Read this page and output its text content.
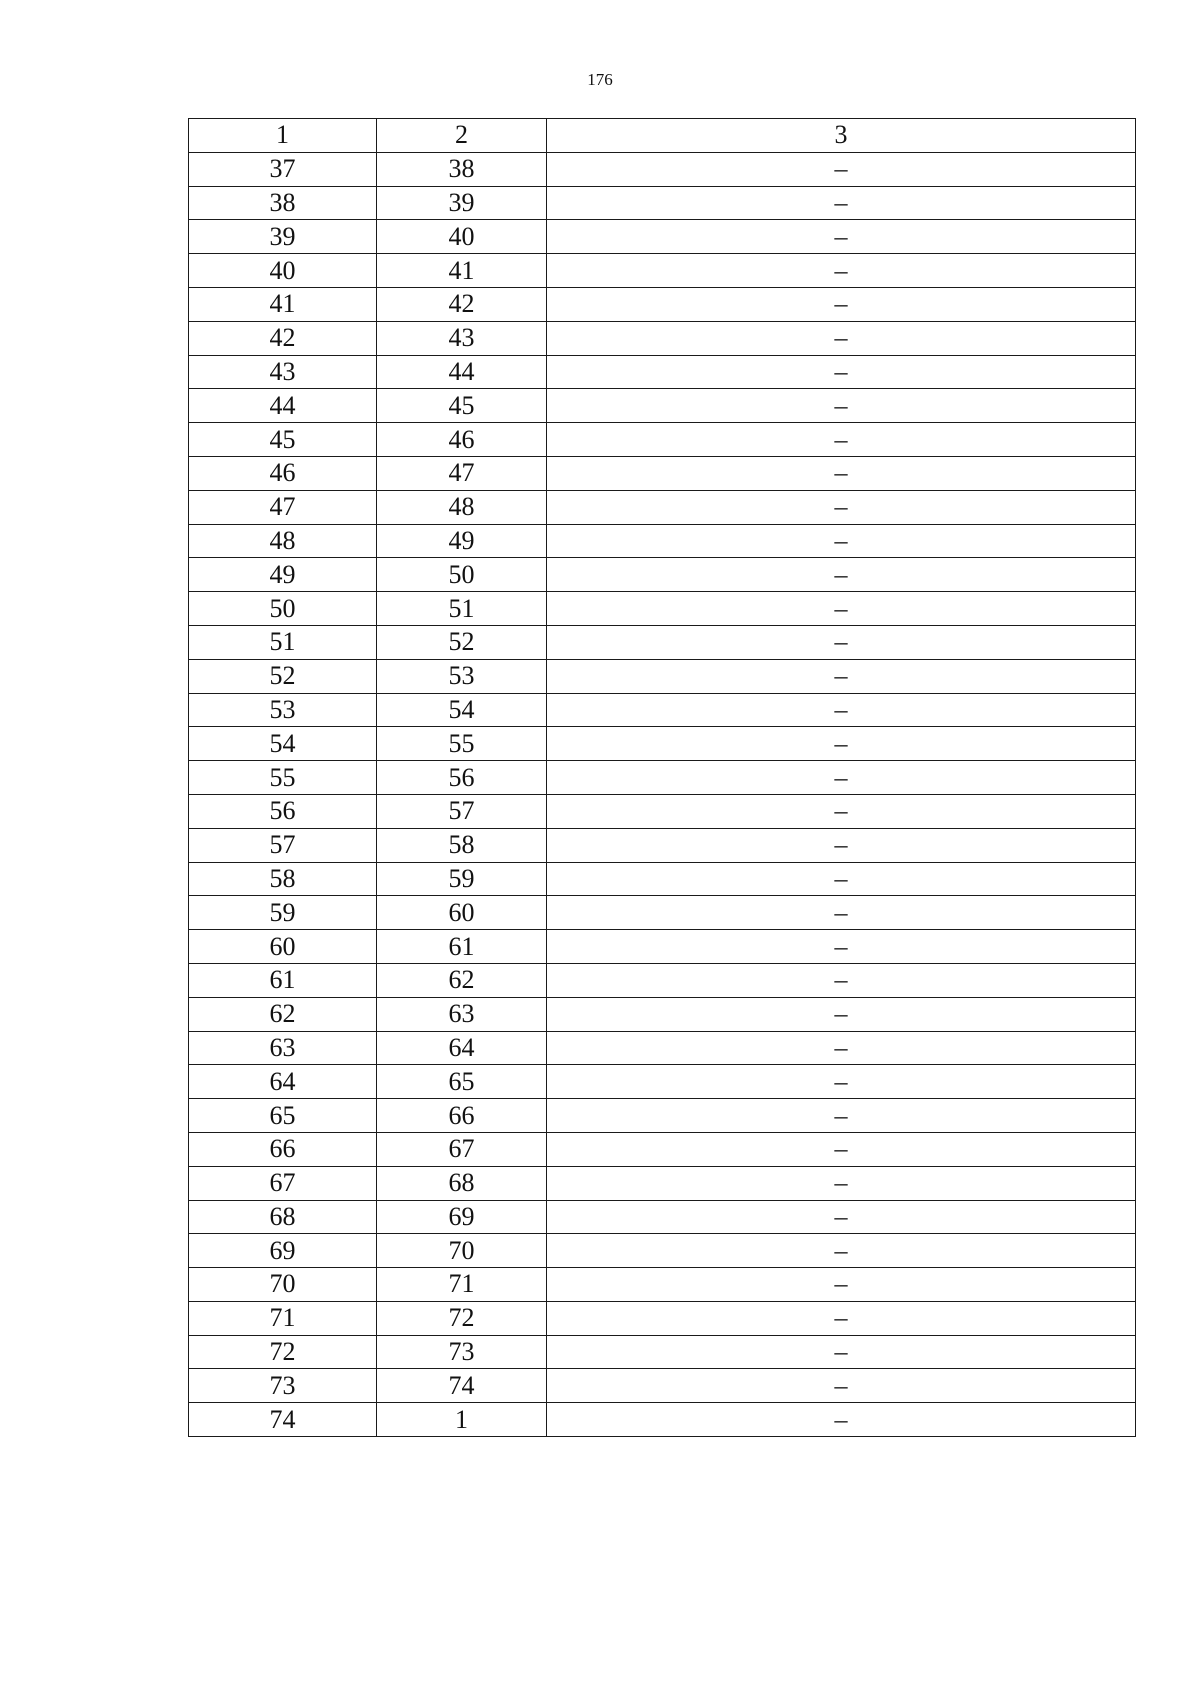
176
1	2	3
37	38	–
38	39	–
39	40	–
40	41	–
41	42	–
42	43	–
43	44	–
44	45	–
45	46	–
46	47	–
47	48	–
48	49	–
49	50	–
50	51	–
51	52	–
52	53	–
53	54	–
54	55	–
55	56	–
56	57	–
57	58	–
58	59	–
59	60	–
60	61	–
61	62	–
62	63	–
63	64	–
64	65	–
65	66	–
66	67	–
67	68	–
68	69	–
69	70	–
70	71	–
71	72	–
72	73	–
73	74	–
74	1	–
